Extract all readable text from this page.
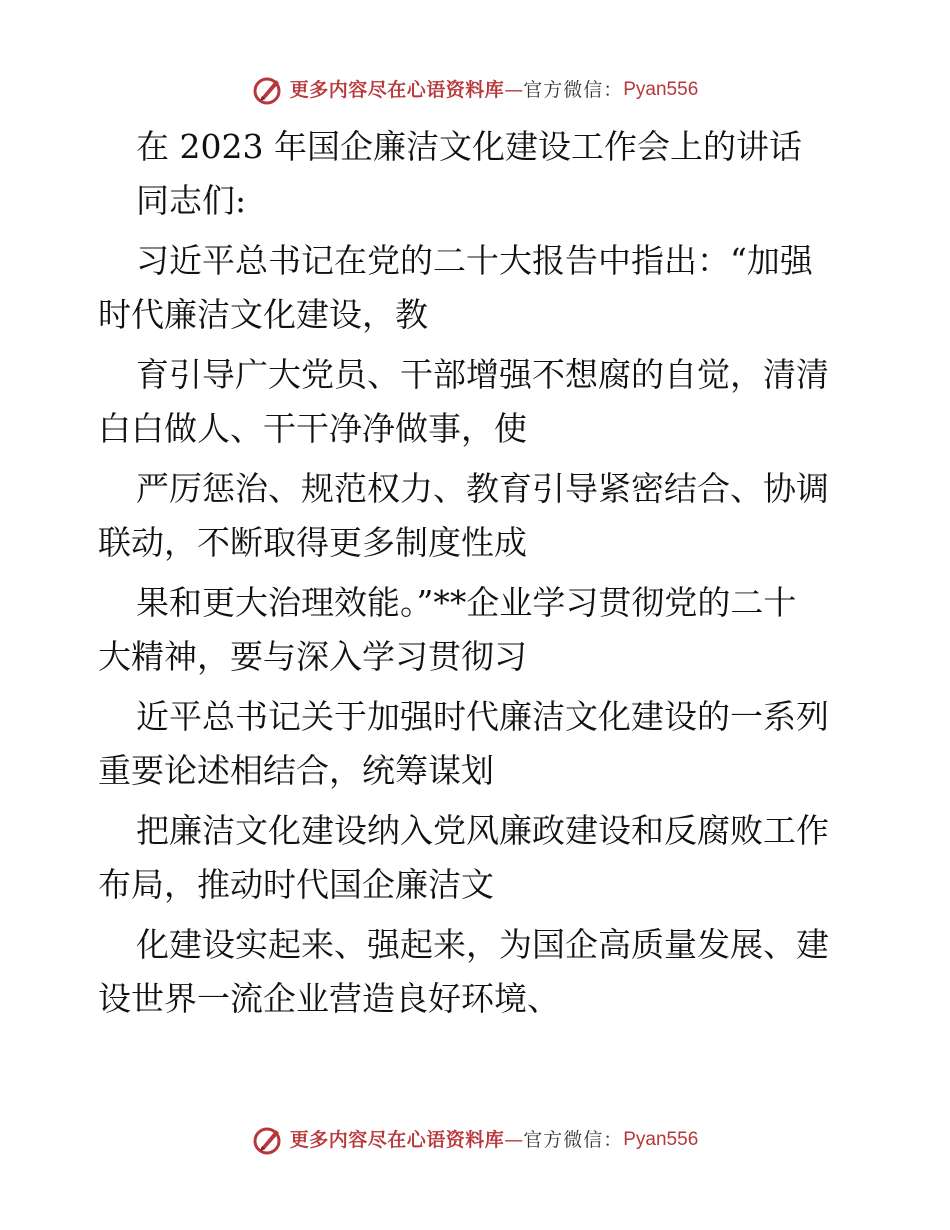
更多内容尽在心语资料库 — 官方微信： Pyan556
在 2023 年国企廉洁文化建设工作会上的讲话
同志们:
习近平总书记在党的二十大报告中指出：“加强
时代廉洁文化建设，教
育引导广大党员、干部增强不想腐的自觉，清清
白白做人、干干净净做事，使
严厉惩治、规范权力、教育引导紧密结合、协调
联动，不断取得更多制度性成
果和更大治理效能。”**企业学习贯彻党的二十
大精神，要与深入学习贯彻习
近平总书记关于加强时代廉洁文化建设的一系列
重要论述相结合，统筹谋划
把廉洁文化建设纳入党风廉政建设和反腐败工作
布局，推动时代国企廉洁文
化建设实起来、强起来，为国企高质量发展、建
设世界一流企业营造良好环境、
更多内容尽在心语资料库 — 官方微信： Pyan556
